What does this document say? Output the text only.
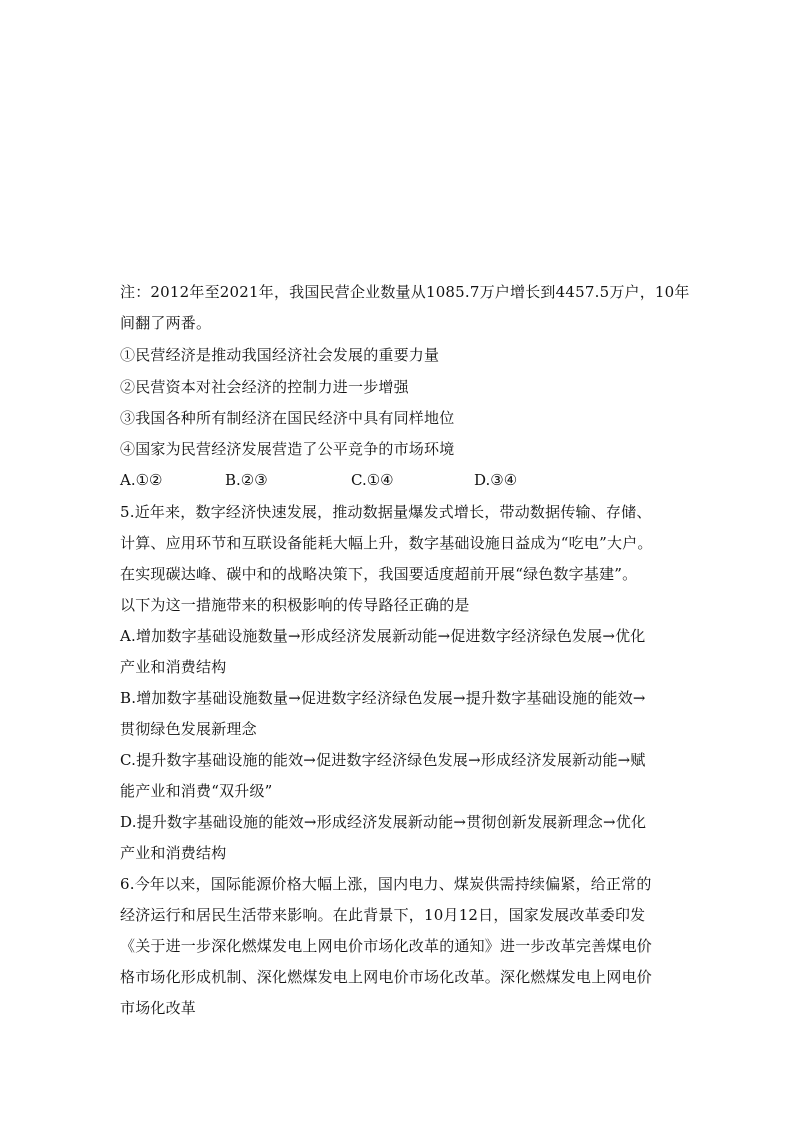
注：2012年至2021年，我国民营企业数量从1085.7万户增长到4457.5万户，10年
间翻了两番。
①民营经济是推动我国经济社会发展的重要力量
②民营资本对社会经济的控制力进一步增强
③我国各种所有制经济在国民经济中具有同样地位
④国家为民营经济发展营造了公平竞争的市场环境
A.①②	B.②③	C.①④	D.③④
5.近年来，数字经济快速发展，推动数据量爆发式增长，带动数据传输、存储、
计算、应用环节和互联设备能耗大幅上升，数字基础设施日益成为“吃电”大户。
在实现碳达峰、碳中和的战略决策下，我国要适度超前开展“绿色数字基建”。
以下为这一措施带来的积极影响的传导路径正确的是
A.增加数字基础设施数量→形成经济发展新动能→促进数字经济绿色发展→优化
产业和消费结构
B.增加数字基础设施数量→促进数字经济绿色发展→提升数字基础设施的能效→
贯彻绿色发展新理念
C.提升数字基础设施的能效→促进数字经济绿色发展→形成经济发展新动能→赋
能产业和消费“双升级”
D.提升数字基础设施的能效→形成经济发展新动能→贯彻创新发展新理念→优化
产业和消费结构
6.今年以来，国际能源价格大幅上涨，国内电力、煤炭供需持续偏紧，给正常的
经济运行和居民生活带来影响。在此背景下，10月12日，国家发展改革委印发
《关于进一步深化燃煤发电上网电价市场化改革的通知》进一步改革完善煤电价
格市场化形成机制、深化燃煤发电上网电价市场化改革。深化燃煤发电上网电价
市场化改革
